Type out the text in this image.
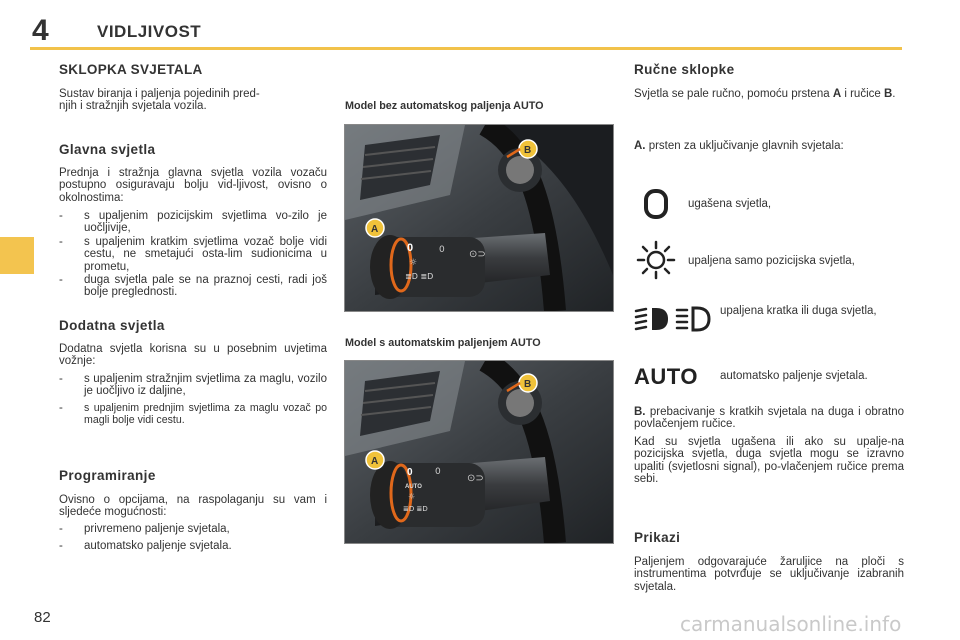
4	VIDLJIVOST
SKLOPKA SVJETALA

Sustav biranja i paljenja pojedinih pred-

njih i stražnjih svjetala vozila.

Glavna svjetla

Prednja i stražnja glavna svjetla vozila vozaču postupno osiguravaju bolju vid-ljivost, ovisno o okolnostima:

- s upaljenim pozicijskim svjetlima vo-zilo je uočljivije,
- s upaljenim kratkim svjetlima vozač bolje vidi cestu, ne smetajući osta-lim sudionicima u prometu,
- duga svjetla pale se na praznoj cesti, radi još bolje preglednosti.
Dodatna svjetla

Dodatna svjetla korisna su u posebnim uvjetima vožnje:

- s upaljenim stražnjim svjetlima za maglu, vozilo je uočljivo iz daljine,
- s upaljenim prednjim svjetlima za maglu vozač po magli bolje vidi cestu.
Programiranje

Ovisno o opcijama, na raspolaganju su vam i sljedeće mogućnosti:

- privremeno paljenje svjetala,
- automatsko paljenje svjetala.
Model bez automatskog paljenja AUTO
0
☼
≣D ≣D
0 ⊙⊃
A
B
Model s automatskim paljenjem AUTO
0
AUTO
☼
≣D ≣D
0
⊙⊃
A
B
Ručne sklopke

Svjetla se pale ručno, pomoću prstena A i ručice B.

A. prsten za uključivanje glavnih svjetala:

ugašena svjetla,
upaljena samo pozicijska svjetla,
upaljena kratka ili duga svjetla,
AUTO automatsko paljenje svjetala.
B. prebacivanje s kratkih svjetala na duga i obratno povlačenjem ručice.

Kad su svjetla ugašena ili ako su upalje-na pozicijska svjetla, duga svjetla mogu se izravno upaliti (svjetlosni signal), po-vlačenjem ručice prema sebi.

Prikazi

Paljenjem odgovarajuće žaruljice na ploči s instrumentima potvrđuje se uključivanje izabranih svjetala.

82	carmanualsonline.info
